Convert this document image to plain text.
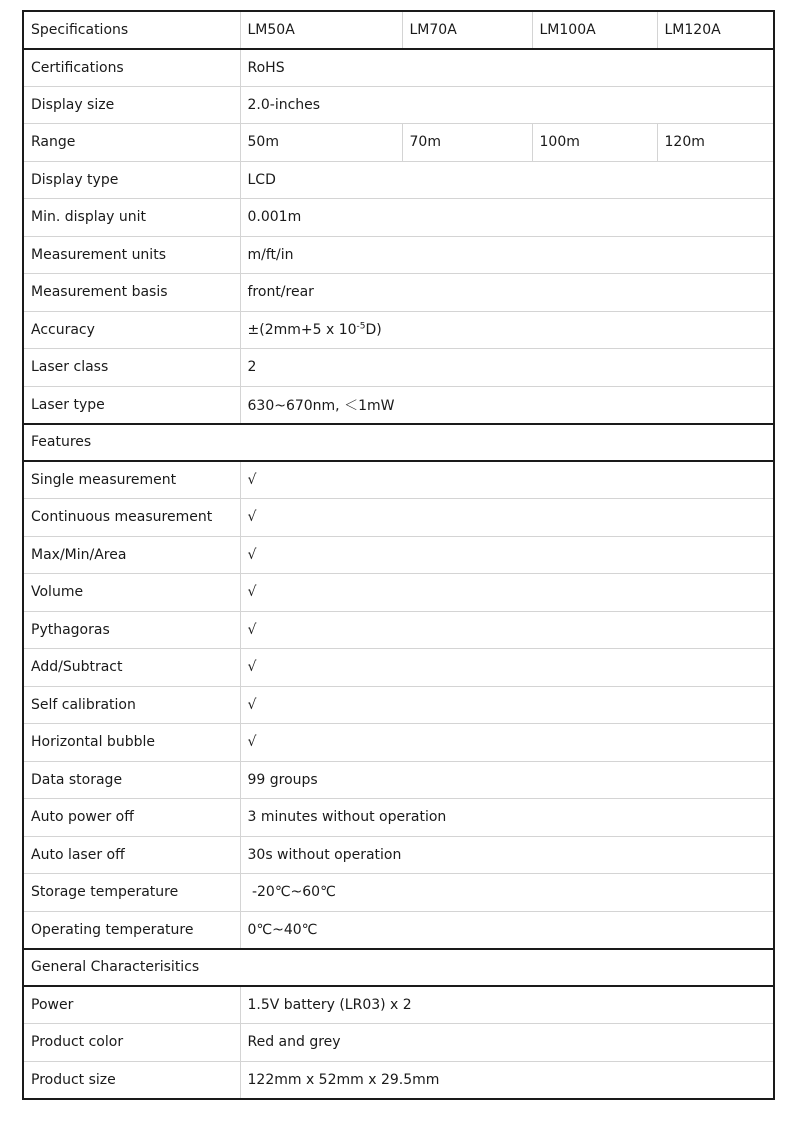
Specifications	LM50A	LM70A	LM100A	LM120A
Certifications	RoHS			
Display size	2.0-inches			
Range	50m	70m	100m	120m
Display type	LCD			
Min. display unit	0.001m			
Measurement units	m/ft/in			
Measurement basis	front/rear			
Accuracy	±(2mm+5 x $10^{-5}D$)			
Laser class	2			
Laser type	630~670nm, ＜1mW			
Features				
Single measurement	√			
Continuous measurement	√			
Max/Min/Area	√			
Volume	√			
Pythagoras	√			
Add/Subtract	√			
Self calibration	√			
Horizontal bubble	√			
Data storage	99 groups			
Auto power off	3 minutes without operation			
Auto laser off	30s without operation			
Storage temperature	-20℃~60℃			
Operating temperature	0℃~40℃			
General Characterisitics				
Power	1.5V battery (LR03) x 2			
Product color	Red and grey			
Product size	122mm x 52mm x 29.5mm			
